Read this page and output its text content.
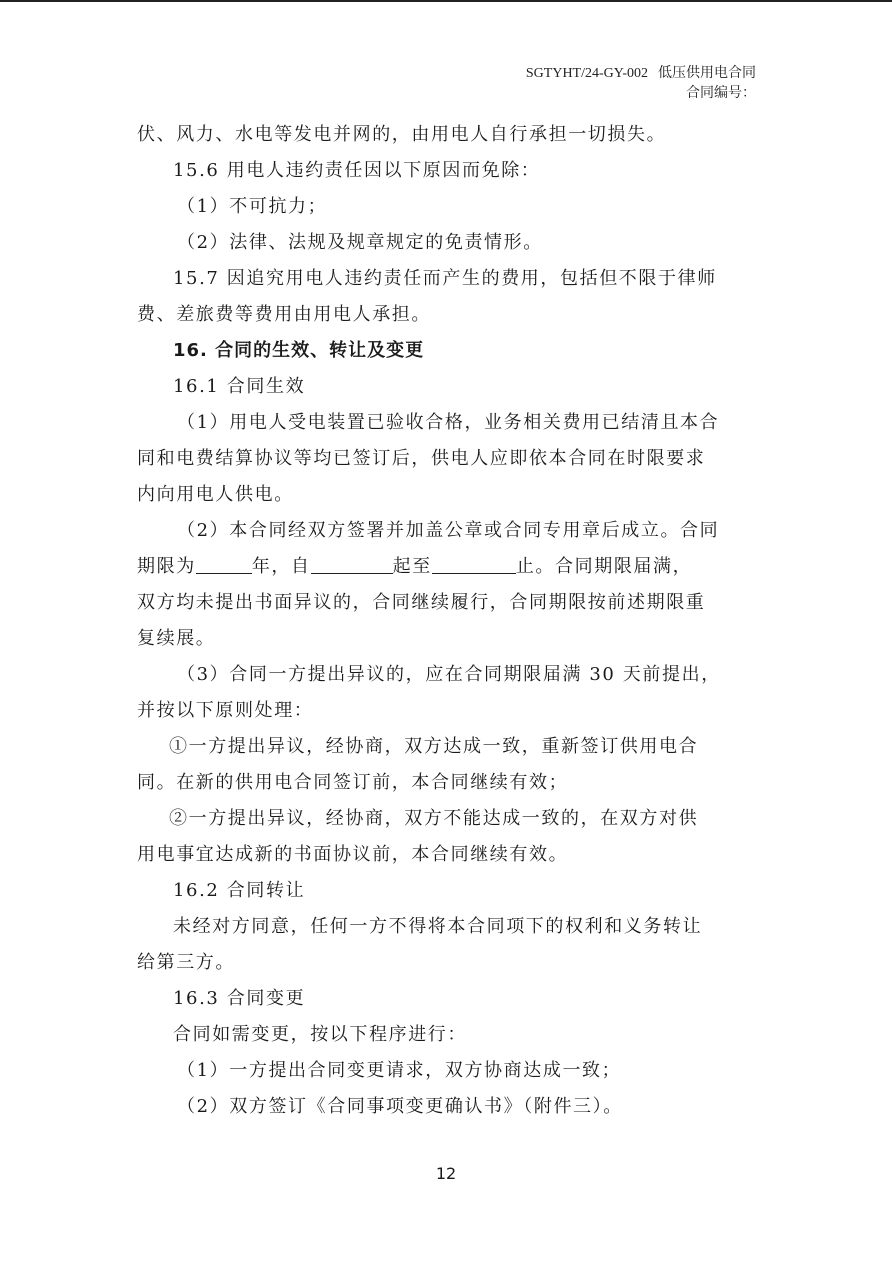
SGTYHT/24-GY-002 低压供用电合同
合同编号：
伏、风力、水电等发电并网的，由用电人自行承担一切损失。
15.6 用电人违约责任因以下原因而免除：
（1）不可抗力；
（2）法律、法规及规章规定的免责情形。
15.7 因追究用电人违约责任而产生的费用，包括但不限于律师
费、差旅费等费用由用电人承担。
16. 合同的生效、转让及变更
16.1 合同生效
（1）用电人受电装置已验收合格，业务相关费用已结清且本合
同和电费结算协议等均已签订后，供电人应即依本合同在时限要求
内向用电人供电。
（2）本合同经双方签署并加盖公章或合同专用章后成立。合同
期限为	年，自	起至	止。合同期限届满，
双方均未提出书面异议的，合同继续履行，合同期限按前述期限重
复续展。
（3）合同一方提出异议的，应在合同期限届满 30 天前提出，
并按以下原则处理：
①一方提出异议，经协商，双方达成一致，重新签订供用电合
同。在新的供用电合同签订前，本合同继续有效；
②一方提出异议，经协商，双方不能达成一致的，在双方对供
用电事宜达成新的书面协议前，本合同继续有效。
16.2 合同转让
未经对方同意，任何一方不得将本合同项下的权利和义务转让
给第三方。
16.3 合同变更
合同如需变更，按以下程序进行：
（1）一方提出合同变更请求，双方协商达成一致；
（2）双方签订《合同事项变更确认书》（附件三）。
12
